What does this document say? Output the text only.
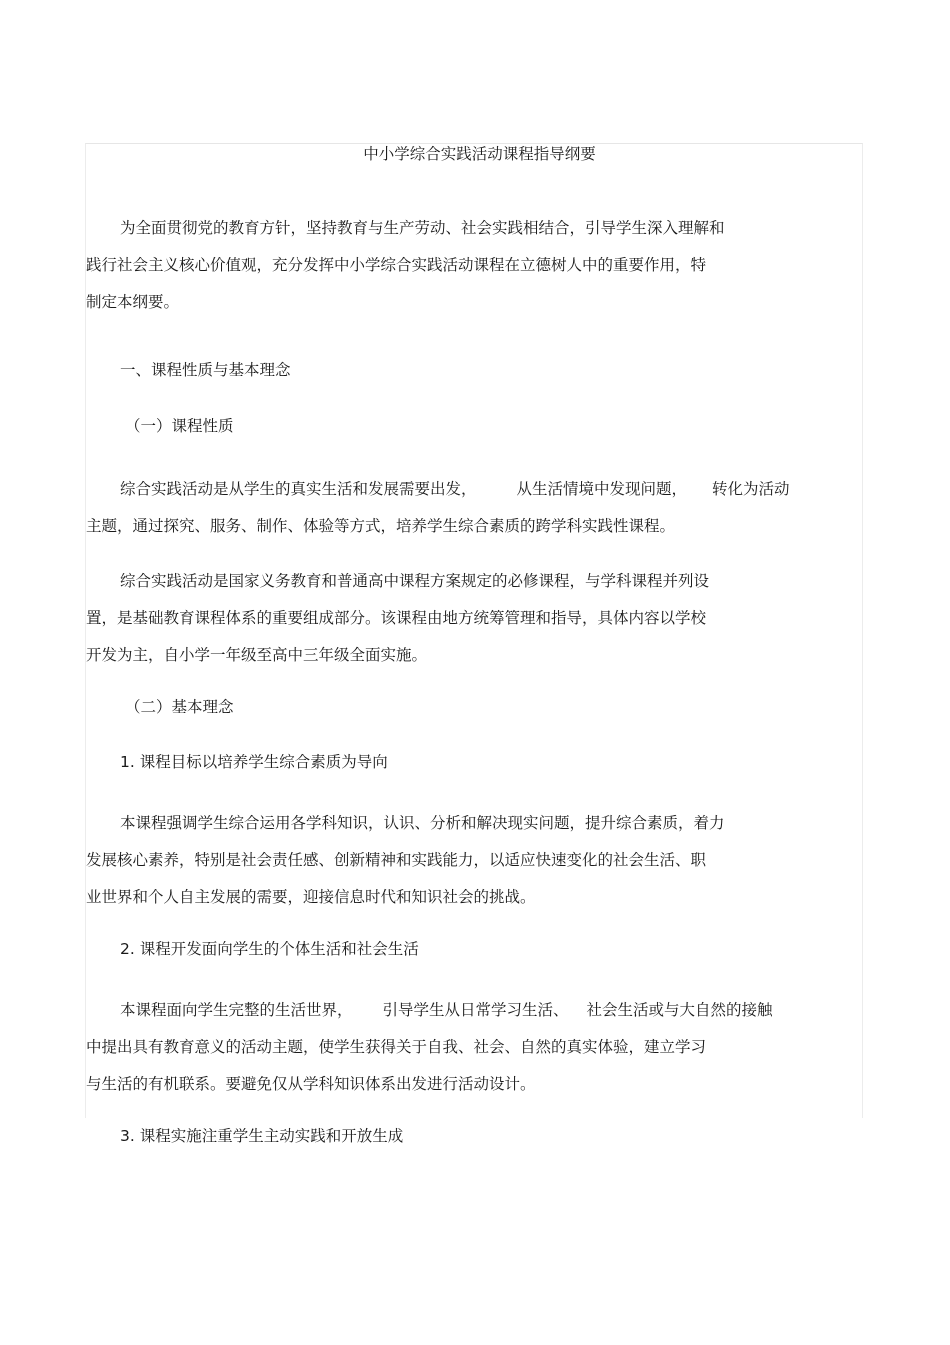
中小学综合实践活动课程指导纲要
为全面贯彻党的教育方针，坚持教育与生产劳动、社会实践相结合，引导学生深入理解和
践行社会主义核心价值观，充分发挥中小学综合实践活动课程在立德树人中的重要作用，特
制定本纲要。
一、课程性质与基本理念
（一）课程性质
综合实践活动是从学生的真实生活和发展需要出发，	从生活情境中发现问题， 转化为活动
主题，通过探究、服务、制作、体验等方式，培养学生综合素质的跨学科实践性课程。
综合实践活动是国家义务教育和普通高中课程方案规定的必修课程，与学科课程并列设
置，是基础教育课程体系的重要组成部分。该课程由地方统筹管理和指导，具体内容以学校
开发为主，自小学一年级至高中三年级全面实施。
（二）基本理念
1. 课程目标以培养学生综合素质为导向
本课程强调学生综合运用各学科知识，认识、分析和解决现实问题，提升综合素质，着力
发展核心素养，特别是社会责任感、创新精神和实践能力，以适应快速变化的社会生活、职
业世界和个人自主发展的需要，迎接信息时代和知识社会的挑战。
2. 课程开发面向学生的个体生活和社会生活
本课程面向学生完整的生活世界， 引导学生从日常学习生活、 社会生活或与大自然的接触
中提出具有教育意义的活动主题，使学生获得关于自我、社会、自然的真实体验，建立学习
与生活的有机联系。要避免仅从学科知识体系出发进行活动设计。
3. 课程实施注重学生主动实践和开放生成
